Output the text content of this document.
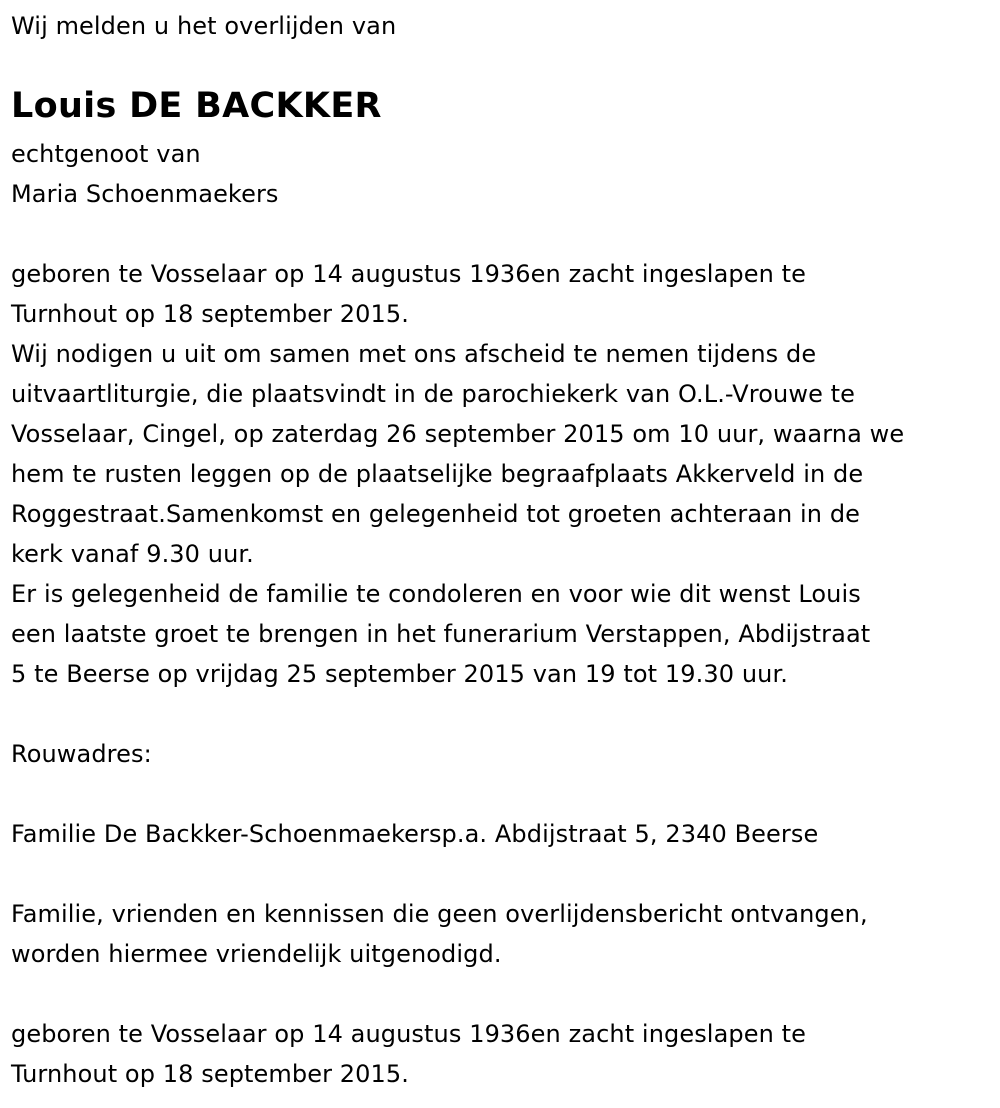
Wij melden u het overlijden van
Louis DE BACKKER
echtgenoot van
Maria Schoenmaekers
geboren te Vosselaar op 14 augustus 1936en zacht ingeslapen te
Turnhout op 18 september 2015.
Wij nodigen u uit om samen met ons afscheid te nemen tijdens de
uitvaartliturgie, die plaatsvindt in de parochiekerk van O.L.-Vrouwe te
Vosselaar, Cingel, op zaterdag 26 september 2015 om 10 uur, waarna we
hem te rusten leggen op de plaatselijke begraafplaats Akkerveld in de
Roggestraat.Samenkomst en gelegenheid tot groeten achteraan in de
kerk vanaf 9.30 uur.
Er is gelegenheid de familie te condoleren en voor wie dit wenst Louis
een laatste groet te brengen in het funerarium Verstappen, Abdijstraat
5 te Beerse op vrijdag 25 september 2015 van 19 tot 19.30 uur.
Rouwadres:
Familie De Backker-Schoenmaekersp.a. Abdijstraat 5, 2340 Beerse
Familie, vrienden en kennissen die geen overlijdensbericht ontvangen,
worden hiermee vriendelijk uitgenodigd.
geboren te Vosselaar op 14 augustus 1936en zacht ingeslapen te
Turnhout op 18 september 2015.
